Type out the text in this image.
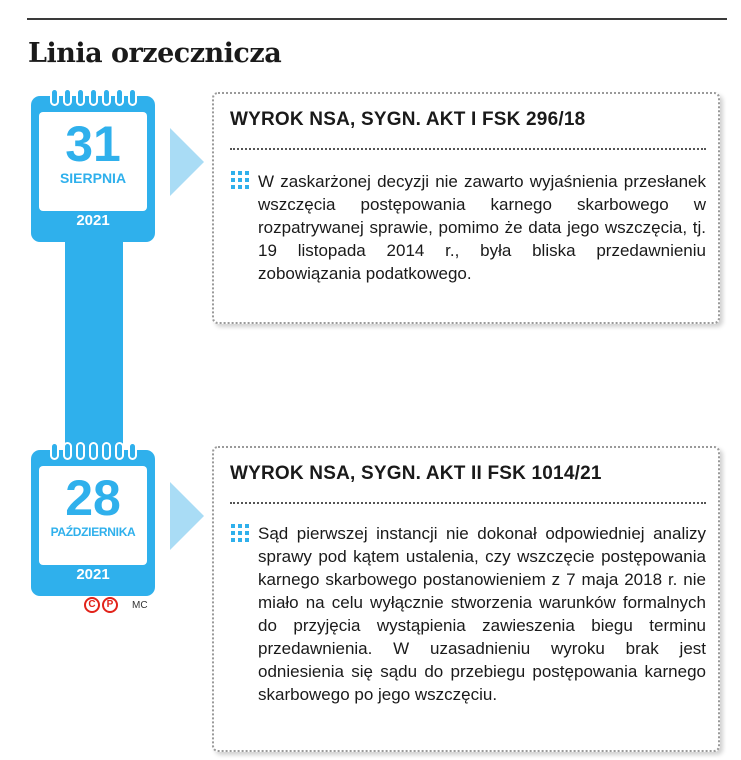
Linia orzecznicza
31
SIERPNIA
2021
WYROK NSA, SYGN. AKT I FSK 296/18

W zaskarżonej decyzji nie zawarto wyjaśnienia przesłanek wszczęcia postępowania karnego skarbowego w rozpatrywanej sprawie, pomimo że data jego wszczęcia, tj. 19 listopada 2014 r., była bliska przedawnieniu zobowiązania podatkowego.

28
PAŹDZIERNIKA
2021
WYROK NSA, SYGN. AKT II FSK 1014/21

Sąd pierwszej instancji nie dokonał odpowiedniej analizy sprawy pod kątem ustalenia, czy wszczęcie postępowania karnego skarbowego postanowieniem z 7 maja 2018 r. nie miało na celu wyłącznie stworzenia warunków formalnych do przyjęcia wystąpienia zawieszenia biegu terminu przedawnienia. W uzasadnieniu wyroku brak jest odniesienia się sądu do przebiegu postępowania karnego skarbowego po jego wszczęciu.

C	P	MC
